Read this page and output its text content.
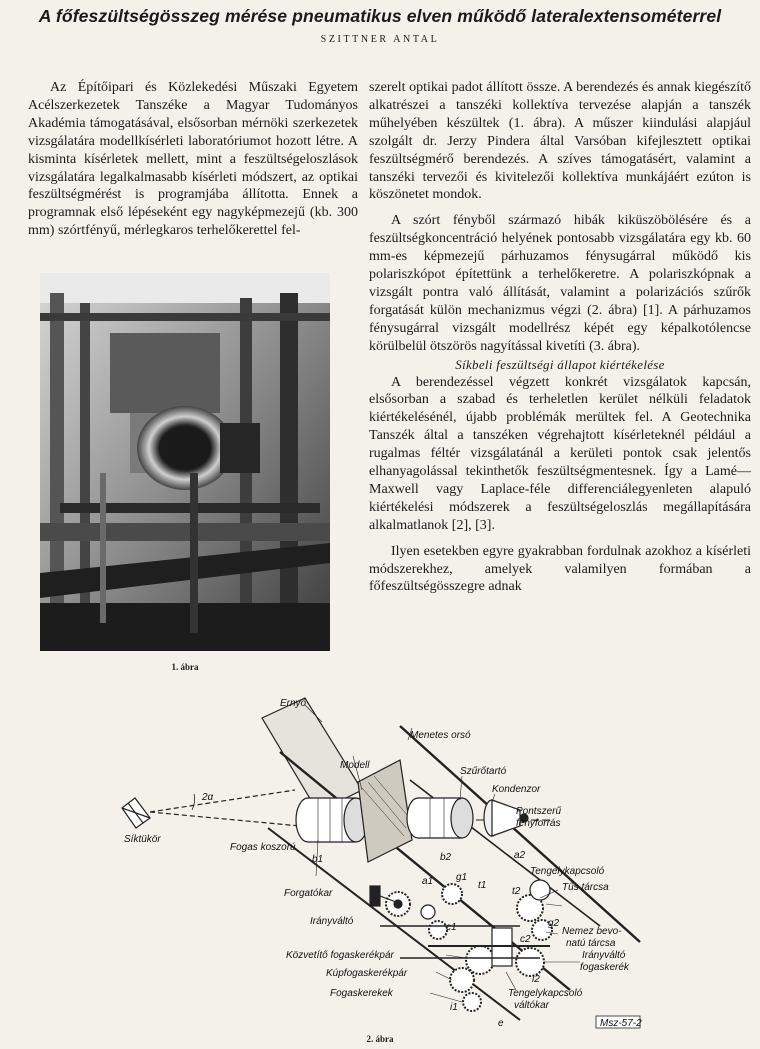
A főfeszültségösszeg mérése pneumatikus elven működő lateralextensométerrel
SZITTNER ANTAL

Az Építőipari és Közlekedési Műszaki Egyetem Acélszerkezetek Tanszéke a Magyar Tudományos Akadémia támogatásával, elsősorban mérnöki szerkezetek vizsgálatára modellkísérleti laboratóriumot hozott létre. A kisminta kísérletek mellett, mint a feszültségeloszlások vizsgálatára legalkalmasabb kísérleti módszert, az optikai feszültségmérést is programjába állította. Ennek a programnak első lépéseként egy nagyképmezejű (kb. 300 mm) szórtfényű, mérlegkaros terhelőkerettel fel-

szerelt optikai padot állított össze. A berendezés és annak kiegészítő alkatrészei a tanszéki kollektíva tervezése alapján a tanszék műhelyében készültek (1. ábra). A műszer kiindulási alapjául szolgált dr. Jerzy Pindera által Varsóban kifejlesztett optikai feszültségmérő berendezés. A szíves támogatásért, valamint a tanszéki tervezői és kivitelezői kollektíva munkájáért ezúton is köszönetet mondok.

A szórt fényből származó hibák kiküszöbölésére és a feszültségkoncentráció helyének pontosabb vizsgálatára egy kb. 60 mm-es képmezejű párhuzamos fénysugárral működő kis polariszkópot építettünk a terhelőkeretre. A polariszkópnak a vizsgált pontra való állítását, valamint a polarizációs szűrők forgatását külön mechanizmus végzi (2. ábra) [1]. A párhuzamos fénysugárral vizsgált modellrész képét egy képalkotólencse körülbelül ötszörös nagyítással kivetíti (3. ábra).

Síkbeli feszültségi állapot kiértékelése

A berendezéssel végzett konkrét vizsgálatok kapcsán, elsősorban a szabad és terheletlen kerület nélküli feladatok kiértékelésénél, újabb problémák merültek fel. A Geotechnika Tanszék által a tanszéken végrehajtott kísérleteknél például a rugalmas féltér vizsgálatánál a kerületi pontok csak jelentős elhanyagolással tekinthetők feszültségmentesnek. Így a Lamé—Maxwell vagy Laplace-féle differenciálegyenleten alapuló kiértékelési módszerek a feszültségeloszlás megállapítására alkalmatlanok [2], [3].

Ilyen esetekben egyre gyakrabban fordulnak azokhoz a kísérleti módszerekhez, amelyek valamilyen formában a főfeszültségösszegre adnak

1. ábra
Ernyő
Menetes orsó
Modell
Szűrőtartó
Kondenzor
Pontszerű
fényforrás
2α
Síktükör
Fogas koszorú
b1	b2
a1
a2
g1
g2
t1
t2
c1
c2
i1
i2
e
Tengelykapcsoló
Tűs tárcsa
Forgatókar
Irányváltó
Nemez bevo-
natú tárcsa
Közvetítő fogaskerékpár	Irányváltó
fogaskerék
Kúpfogaskerékpár
Fogaskerekek	Tengelykapcsoló
váltókar
Msz-57-2
2. ábra
